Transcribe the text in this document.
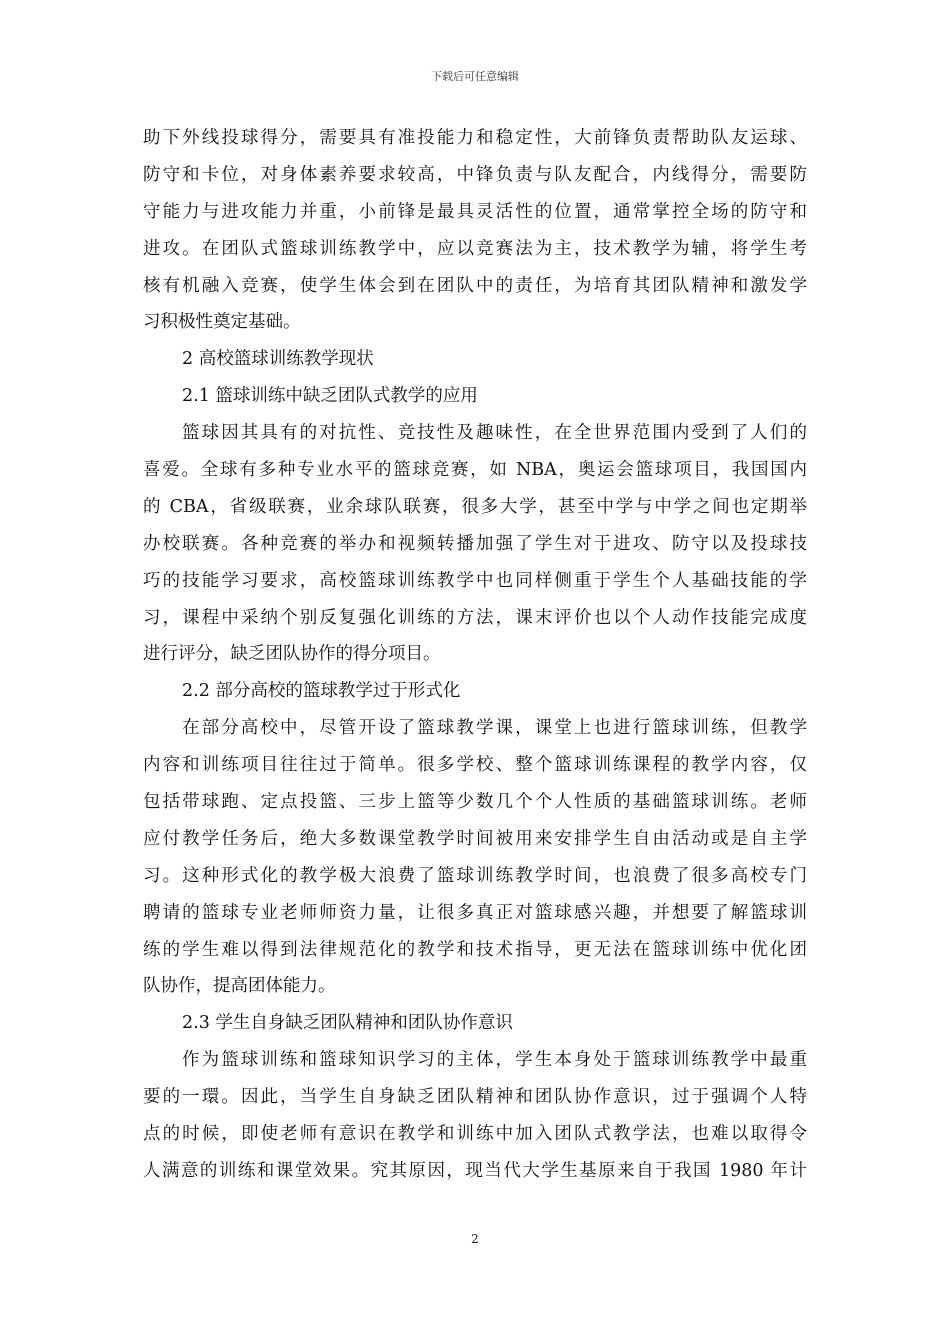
下载后可任意编辑
助下外线投球得分，需要具有准投能力和稳定性，大前锋负责帮助队友运球、
防守和卡位，对身体素养要求较高，中锋负责与队友配合，内线得分，需要防
守能力与进攻能力并重，小前锋是最具灵活性的位置，通常掌控全场的防守和
进攻。在团队式篮球训练教学中，应以竞赛法为主，技术教学为辅，将学生考
核有机融入竞赛，使学生体会到在团队中的责任，为培育其团队精神和激发学
习积极性奠定基础。
2 高校篮球训练教学现状
2.1 篮球训练中缺乏团队式教学的应用
篮球因其具有的对抗性、竞技性及趣味性，在全世界范围内受到了人们的
喜爱。全球有多种专业水平的篮球竞赛，如 NBA，奥运会篮球项目，我国国内
的 CBA，省级联赛，业余球队联赛，很多大学，甚至中学与中学之间也定期举
办校联赛。各种竞赛的举办和视频转播加强了学生对于进攻、防守以及投球技
巧的技能学习要求，高校篮球训练教学中也同样侧重于学生个人基础技能的学
习，课程中采纳个别反复强化训练的方法，课末评价也以个人动作技能完成度
进行评分，缺乏团队协作的得分项目。
2.2 部分高校的篮球教学过于形式化
在部分高校中，尽管开设了篮球教学课，课堂上也进行篮球训练，但教学
内容和训练项目往往过于简单。很多学校、整个篮球训练课程的教学内容，仅
包括带球跑、定点投篮、三步上篮等少数几个个人性质的基础篮球训练。老师
应付教学任务后，绝大多数课堂教学时间被用来安排学生自由活动或是自主学
习。这种形式化的教学极大浪费了篮球训练教学时间，也浪费了很多高校专门
聘请的篮球专业老师师资力量，让很多真正对篮球感兴趣，并想要了解篮球训
练的学生难以得到法律规范化的教学和技术指导，更无法在篮球训练中优化团
队协作，提高团体能力。
2.3 学生自身缺乏团队精神和团队协作意识
作为篮球训练和篮球知识学习的主体，学生本身处于篮球训练教学中最重
要的一環。因此，当学生自身缺乏团队精神和团队协作意识，过于强调个人特
点的时候，即使老师有意识在教学和训练中加入团队式教学法，也难以取得令
人满意的训练和课堂效果。究其原因，现当代大学生基原来自于我国 1980 年计
2
